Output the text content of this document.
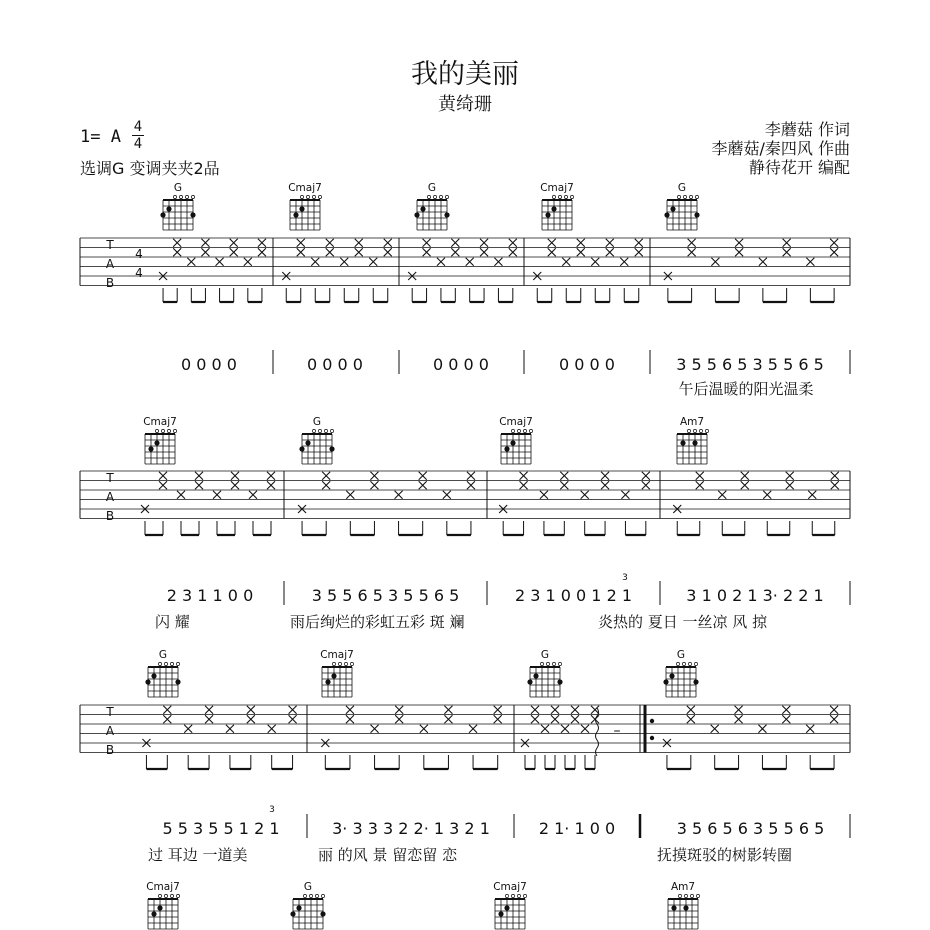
我的美丽
黄绮珊
1= A 4
4
选调G 变调夹夹2品
李蘑菇 作词
李蘑菇/秦四风 作曲
静待花开 编配
G	Cmaj7	G	Cmaj7	G
Cmaj7	G	Cmaj7	Am7
G	Cmaj7	G	G
Cmaj7	G	Cmaj7	Am7
T
A
B
4
4
0 0 0 0	0 0 0 0	0 0 0 0	0 0 0 0	3 5 5 6 5 3 5 5 6 5
午后温暖的阳光温柔
T
A
B
2 3 1 1 0 0	3 5 5 6 5 3 5 5 6 5	2 3 1 0 0 1 2 1	3 1 0 2 1 3· 2 2 1
闪 耀	雨后绚烂的彩虹五彩 斑 斓	炎热的 夏日 一丝凉 风 掠
3
T
A
B
–
5 5 3 5 5 1 2 1	3· 3 3 3 2 2· 1 3 2 1	2 1· 1 0 0	3 5 6 5 6 3 5 5 6 5
过 耳边 一道美	丽 的风 景 留恋留 恋	抚摸斑驳的树影转圈
3
